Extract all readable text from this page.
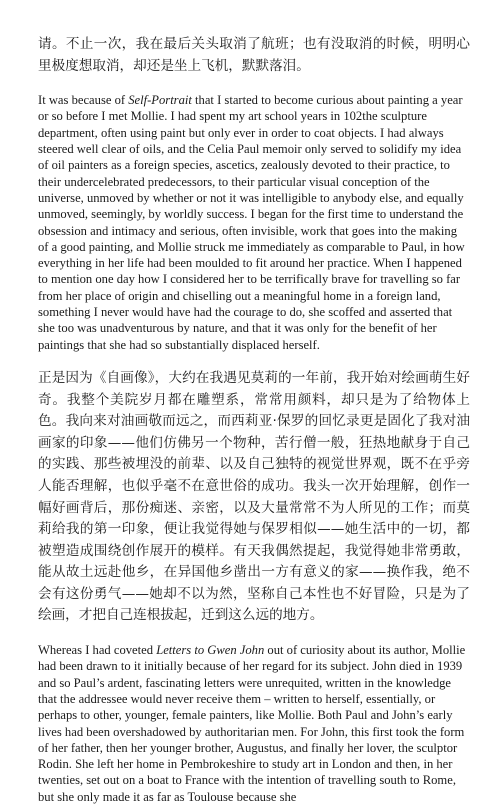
请。不止一次，我在最后关头取消了航班；也有没取消的时候，明明心里极度想取消，却还是坐上飞机，默默落泪。

It was because of Self-Portrait that I started to become curious about painting a year or so before I met Mollie. I had spent my art school years in 102the sculpture department, often using paint but only ever in order to coat objects. I had always steered well clear of oils, and the Celia Paul memoir only served to solidify my idea of oil painters as a foreign species, ascetics, zealously devoted to their practice, to their undercelebrated predecessors, to their particular visual conception of the universe, unmoved by whether or not it was intelligible to anybody else, and equally unmoved, seemingly, by worldly success. I began for the first time to understand the obsession and intimacy and serious, often invisible, work that goes into the making of a good painting, and Mollie struck me immediately as comparable to Paul, in how everything in her life had been moulded to fit around her practice. When I happened to mention one day how I considered her to be terrifically brave for travelling so far from her place of origin and chiselling out a meaningful home in a foreign land, something I never would have had the courage to do, she scoffed and asserted that she too was unadventurous by nature, and that it was only for the benefit of her paintings that she had so substantially displaced herself.

正是因为《自画像》，大约在我遇见莫莉的一年前，我开始对绘画萌生好奇。我整个美院岁月都在雕塑系，常常用颜料，却只是为了给物体上色。我向来对油画敬而远之，而西莉亚·保罗的回忆录更是固化了我对油画家的印象——他们仿佛另一个物种，苦行僧一般，狂热地献身于自己的实践、那些被埋没的前辈、以及自己独特的视觉世界观，既不在乎旁人能否理解，也似乎毫不在意世俗的成功。我头一次开始理解，创作一幅好画背后，那份痴迷、亲密，以及大量常常不为人所见的工作；而莫莉给我的第一印象，便让我觉得她与保罗相似——她生活中的一切，都被塑造成围绕创作展开的模样。有天我偶然提起，我觉得她非常勇敢，能从故土远赴他乡，在异国他乡凿出一方有意义的家——换作我，绝不会有这份勇气——她却不以为然，坚称自己本性也不好冒险，只是为了绘画，才把自己连根拔起，迁到这么远的地方。

Whereas I had coveted Letters to Gwen John out of curiosity about its author, Mollie had been drawn to it initially because of her regard for its subject. John died in 1939 and so Paul’s ardent, fascinating letters were unrequited, written in the knowledge that the addressee would never receive them – written to herself, essentially, or perhaps to other, younger, female painters, like Mollie. Both Paul and John’s early lives had been overshadowed by authoritarian men. For John, this first took the form of her father, then her younger brother, Augustus, and finally her lover, the sculptor Rodin. She left her home in Pembrokeshire to study art in London and then, in her twenties, set out on a boat to France with the intention of travelling south to Rome, but she only made it as far as Toulouse because she
